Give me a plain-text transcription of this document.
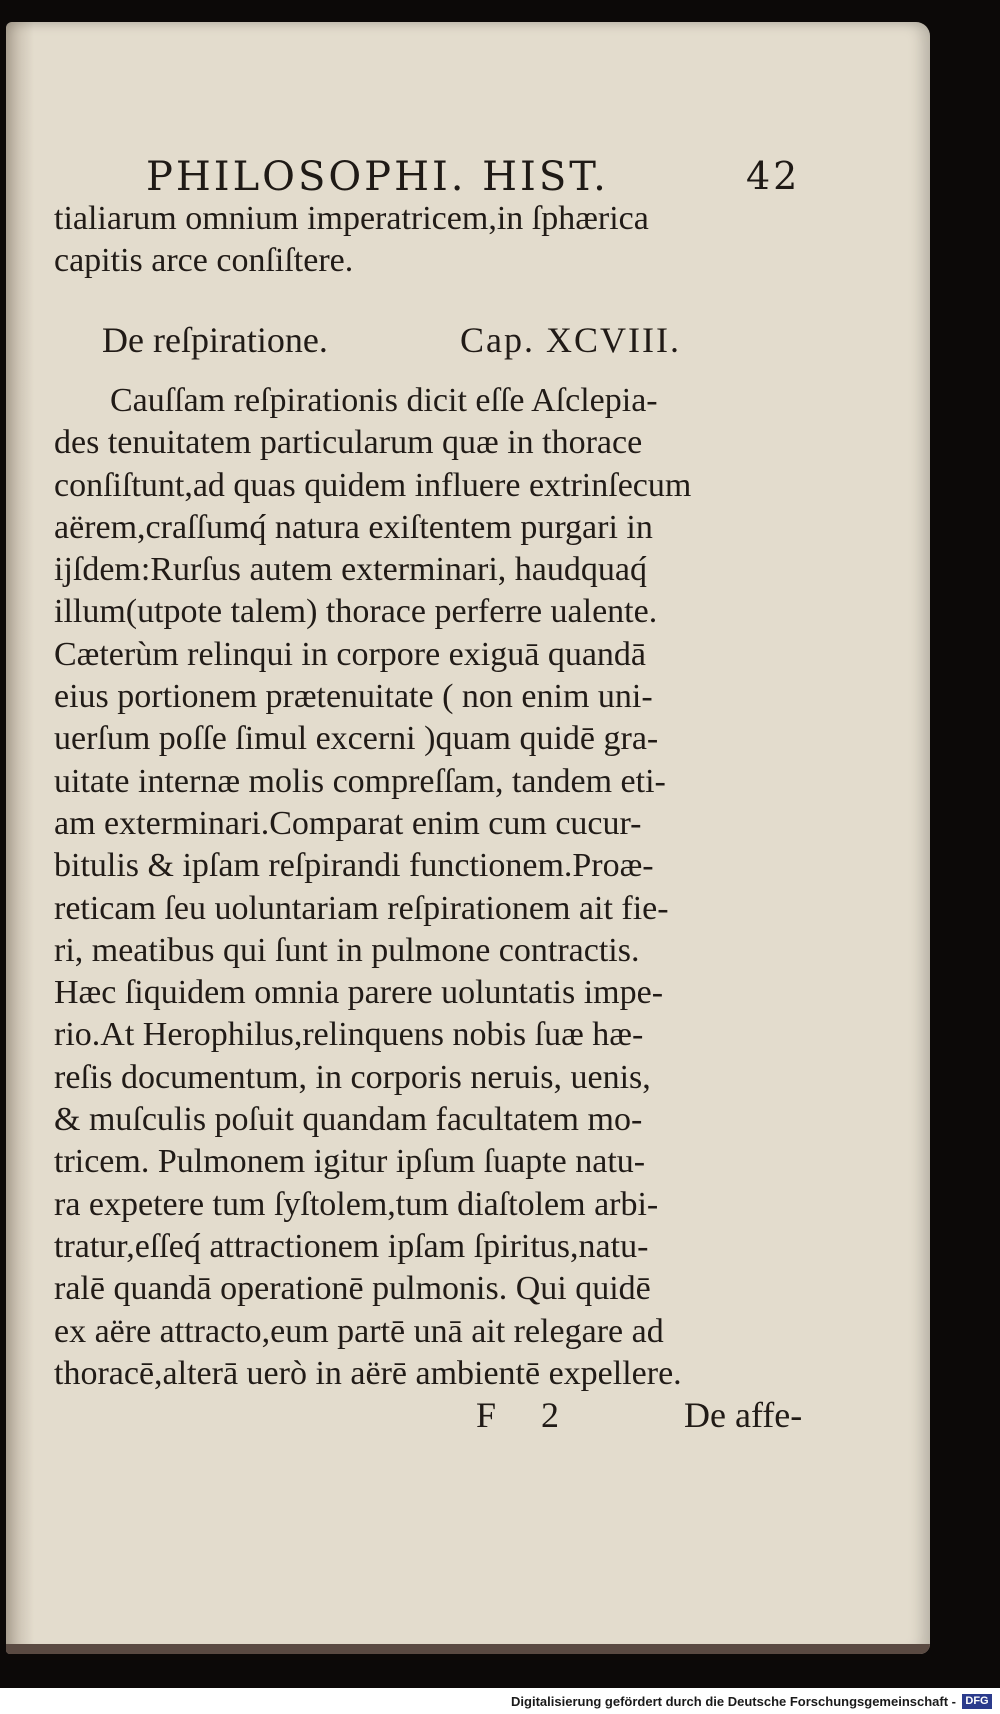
PHILOSOPHI. HIST.	42
tialiarum omnium imperatricem,in ſphærica
capitis arce conſiſtere.
De reſpiratione.	Cap. XCVIII.
Cauſſam reſpirationis dicit eſſe Aſclepia-
des tenuitatem particularum quæ in thorace
conſiſtunt,ad quas quidem influere extrinſecum
aërem,craſſumq́ natura exiſtentem purgari in
ijſdem:Rurſus autem exterminari, haudquaq́
illum(utpote talem) thorace perferre ualente.
Cæterùm relinqui in corpore exiguā quandā
eius portionem prætenuitate ( non enim uni-
uerſum poſſe ſimul excerni )quam quidē gra-
uitate internæ molis compreſſam, tandem eti-
am exterminari.Comparat enim cum cucur-
bitulis & ipſam reſpirandi functionem.Proæ-
reticam ſeu uoluntariam reſpirationem ait fie-
ri, meatibus qui ſunt in pulmone contractis.
Hæc ſiquidem omnia parere uoluntatis impe-
rio.At Herophilus,relinquens nobis ſuæ hæ-
reſis documentum, in corporis neruis, uenis,
& muſculis poſuit quandam facultatem mo-
tricem. Pulmonem igitur ipſum ſuapte natu-
ra expetere tum ſyſtolem,tum diaſtolem arbi-
tratur,eſſeq́ attractionem ipſam ſpiritus,natu-
ralē quandā operationē pulmonis. Qui quidē
ex aëre attracto,eum partē unā ait relegare ad
thoracē,alterā uerò in aërē ambientē expellere.
F 2	De affe-
Digitalisierung gefördert durch die Deutsche Forschungsgemeinschaft - DFG
